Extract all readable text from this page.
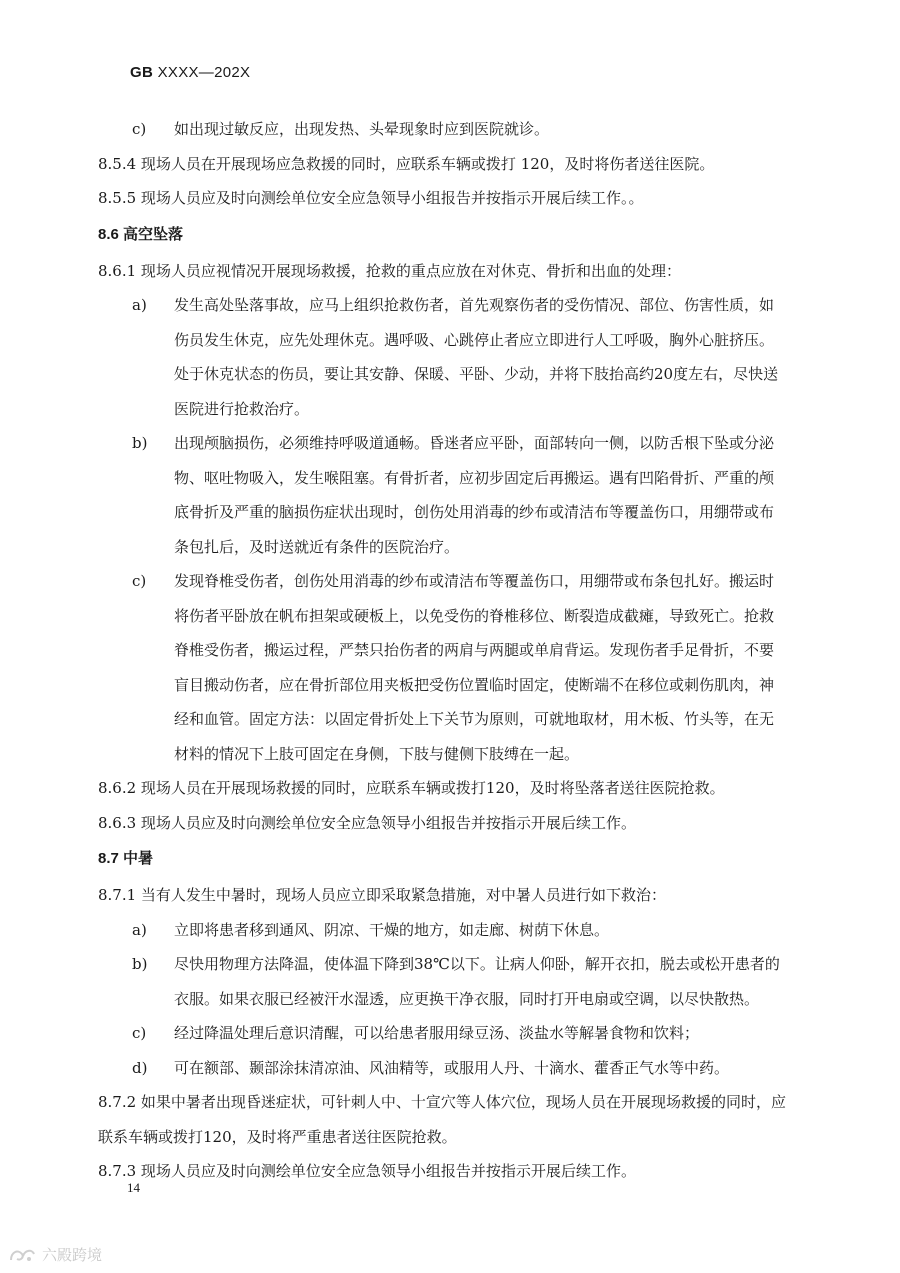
GB XXXX—202X
c)	如出现过敏反应，出现发热、头晕现象时应到医院就诊。
8.5.4 现场人员在开展现场应急救援的同时，应联系车辆或拨打 120，及时将伤者送往医院。
8.5.5 现场人员应及时向测绘单位安全应急领导小组报告并按指示开展后续工作。。
8.6 高空坠落
8.6.1 现场人员应视情况开展现场救援，抢救的重点应放在对休克、骨折和出血的处理：
a)	发生高处坠落事故，应马上组织抢救伤者，首先观察伤者的受伤情况、部位、伤害性质，如伤员发生休克，应先处理休克。遇呼吸、心跳停止者应立即进行人工呼吸，胸外心脏挤压。处于休克状态的伤员，要让其安静、保暖、平卧、少动，并将下肢抬高约20度左右，尽快送医院进行抢救治疗。
b)	出现颅脑损伤，必须维持呼吸道通畅。昏迷者应平卧，面部转向一侧，以防舌根下坠或分泌物、呕吐物吸入，发生喉阻塞。有骨折者，应初步固定后再搬运。遇有凹陷骨折、严重的颅底骨折及严重的脑损伤症状出现时，创伤处用消毒的纱布或清洁布等覆盖伤口，用绷带或布条包扎后，及时送就近有条件的医院治疗。
c)	发现脊椎受伤者，创伤处用消毒的纱布或清洁布等覆盖伤口，用绷带或布条包扎好。搬运时将伤者平卧放在帆布担架或硬板上，以免受伤的脊椎移位、断裂造成截瘫，导致死亡。抢救脊椎受伤者，搬运过程，严禁只抬伤者的两肩与两腿或单肩背运。发现伤者手足骨折，不要盲目搬动伤者，应在骨折部位用夹板把受伤位置临时固定，使断端不在移位或刺伤肌肉，神经和血管。固定方法：以固定骨折处上下关节为原则，可就地取材，用木板、竹头等，在无材料的情况下上肢可固定在身侧，下肢与健侧下肢缚在一起。
8.6.2 现场人员在开展现场救援的同时，应联系车辆或拨打120，及时将坠落者送往医院抢救。
8.6.3 现场人员应及时向测绘单位安全应急领导小组报告并按指示开展后续工作。
8.7 中暑
8.7.1 当有人发生中暑时，现场人员应立即采取紧急措施，对中暑人员进行如下救治：
a)	立即将患者移到通风、阴凉、干燥的地方，如走廊、树荫下休息。
b)	尽快用物理方法降温，使体温下降到38℃以下。让病人仰卧，解开衣扣，脱去或松开患者的衣服。如果衣服已经被汗水湿透，应更换干净衣服，同时打开电扇或空调，以尽快散热。
c)	经过降温处理后意识清醒，可以给患者服用绿豆汤、淡盐水等解暑食物和饮料；
d)	可在额部、颞部涂抹清凉油、风油精等，或服用人丹、十滴水、藿香正气水等中药。
8.7.2 如果中暑者出现昏迷症状，可针刺人中、十宣穴等人体穴位，现场人员在开展现场救援的同时，应联系车辆或拨打120，及时将严重患者送往医院抢救。
8.7.3 现场人员应及时向测绘单位安全应急领导小组报告并按指示开展后续工作。
14
六殿跨境
